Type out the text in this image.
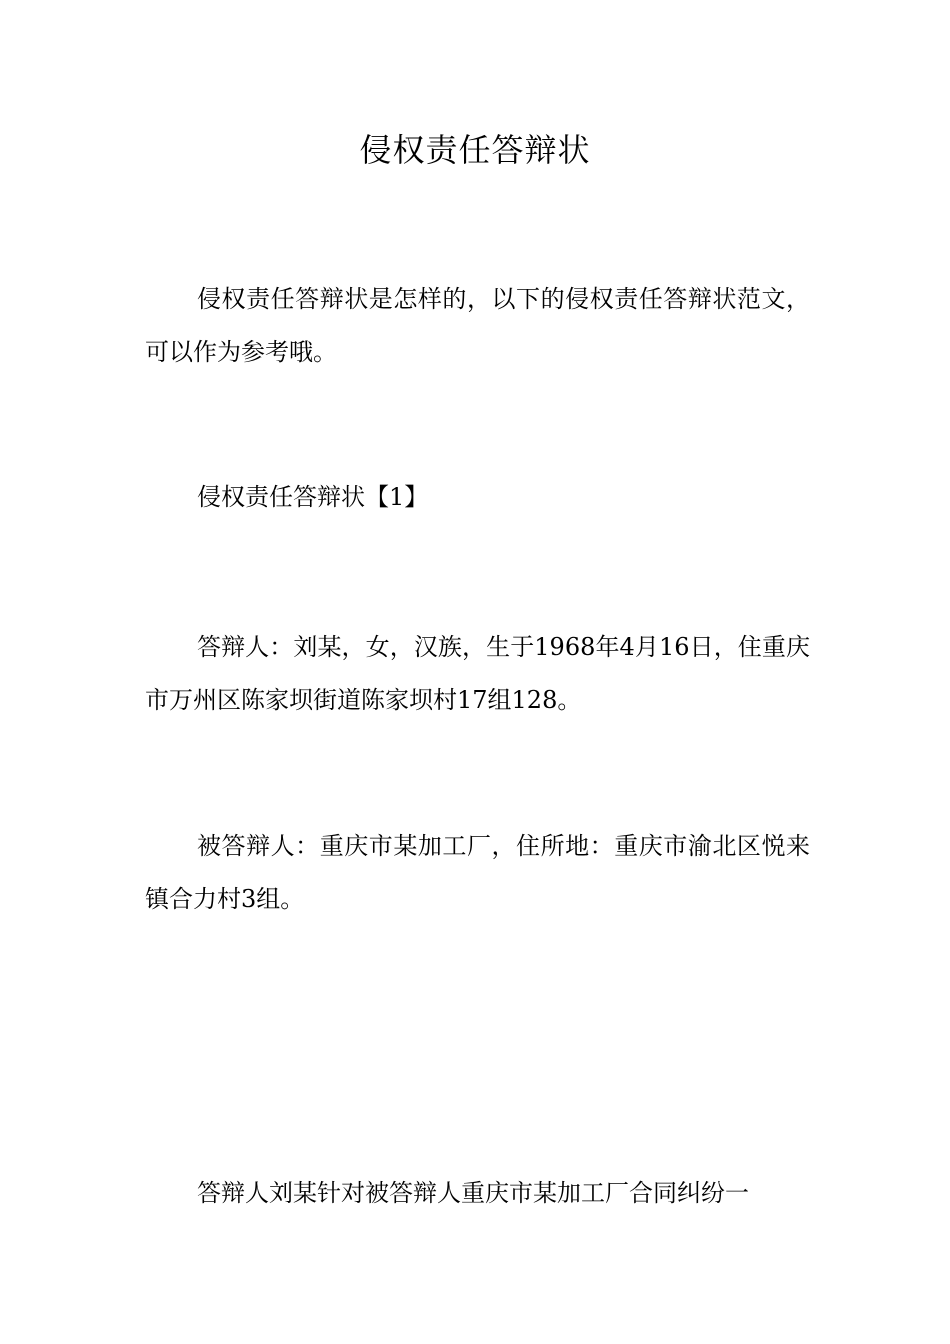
侵权责任答辩状

侵权责任答辩状是怎样的，以下的侵权责任答辩状范文，可以作为参考哦。

侵权责任答辩状【1】

答辩人：刘某，女，汉族，生于1968年4月16日，住重庆市万州区陈家坝街道陈家坝村17组128。

被答辩人：重庆市某加工厂，住所地：重庆市渝北区悦来镇合力村3组。

答辩人刘某针对被答辩人重庆市某加工厂合同纠纷一
